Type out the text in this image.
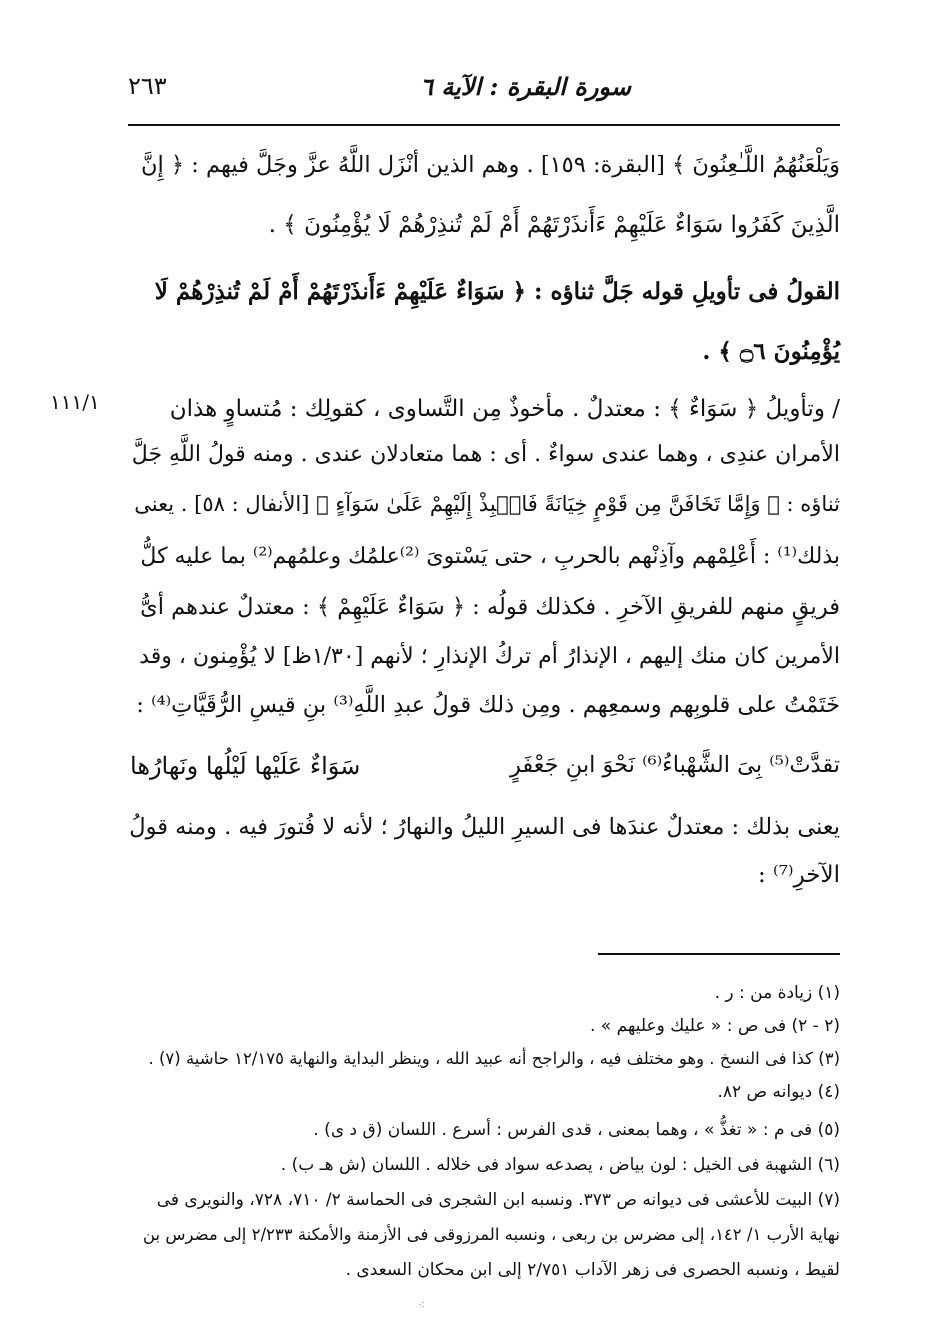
٢٦٣	سورة البقرة : الآية ٦
وَيَلْعَنُهُمُ اللَّـٰعِنُونَ ﴾ [البقرة: ١٥٩] . وهم الذين أنْزَل اللَّهُ عزَّ وجَلَّ فيهم : ﴿ إِنَّ
الَّذِينَ كَفَرُوا سَوَاءٌ عَلَيْهِمْ ءَأَنذَرْتَهُمْ أَمْ لَمْ تُنذِرْهُمْ لَا يُؤْمِنُونَ ﴾ .
القولُ فى تأويلِ قوله جَلَّ ثناؤه : ﴿ سَوَاءٌ عَلَيْهِمْ ءَأَنذَرْتَهُمْ أَمْ لَمْ تُنذِرْهُمْ لَا
يُؤْمِنُونَ ۝٦ ﴾ .
١١١/١	/ وتأويلُ ﴿ سَوَاءٌ ﴾ : معتدلٌ . مأخوذٌ مِن التَّساوى ، كقولِك : مُتساوٍ هذان
الأمران عندِى ، وهما عندى سواءٌ . أى : هما متعادلان عندى . ومنه قولُ اللَّهِ جَلَّ
ثناؤه : ﴿ وَإِمَّا تَخَافَنَّ مِن قَوْمٍ خِيَانَةً فَانۢبِذْ إِلَيْهِمْ عَلَىٰ سَوَآءٍ ﴾ [الأنفال : ٥٨] . يعنى
بذلك⁽¹⁾ : أَعْلِمْهم وآذِنْهم بالحربِ ، حتى يَسْتوىَ ⁽²⁾علمُك وعلمُهم⁽²⁾ بما عليه كلُّ
فريقٍ منهم للفريقِ الآخرِ . فكذلك قولُه : ﴿ سَوَاءٌ عَلَيْهِمْ ﴾ : معتدلٌ عندهم أىُّ
الأمرين كان منك إليهم ، الإنذارُ أم تركُ الإنذارِ ؛ لأنهم [١/٣٠ظ] لا يُؤْمِنون ، وقد
خَتَمْتُ على قلوبِهم وسمعِهم . ومِن ذلك قولُ عبدِ اللَّهِ⁽³⁾ بنِ قيسِ الرُّقَيَّاتِ⁽⁴⁾ :
تقدَّتْ⁽⁵⁾ بِىَ الشَّهْباءُ⁽⁶⁾ نَحْوَ ابنِ جَعْفَرٍ
سَوَاءٌ عَلَيْها لَيْلُها ونَهارُها
يعنى بذلك : معتدلٌ عندَها فى السيرِ الليلُ والنهارُ ؛ لأنه لا فُتورَ فيه . ومنه قولُ
الآخرِ⁽⁷⁾ :
(١) زيادة من : ر .
(٢ - ٢) فى ص : « عليك وعليهم » .
(٣) كذا فى النسخ . وهو مختلف فيه ، والراجح أنه عبيد الله ، وينظر البداية والنهاية ١٢/١٧٥ حاشية (٧) .
(٤) ديوانه ص ٨٢.
(٥) فى م : « تغذُّ » ، وهما بمعنى ، قدى الفرس : أسرع . اللسان (ق د ى) .
(٦) الشهبة فى الخيل : لون بياض ، يصدعه سواد فى خلاله . اللسان (ش هـ ب) .
(٧) البيت للأعشى فى ديوانه ص ٣٧٣. ونسبه ابن الشجرى فى الحماسة ٢/ ٧١٠، ٧٢٨، والنويرى فى
نهاية الأرب ١/ ١٤٢، إلى مضرس بن ربعى ، ونسبه المرزوقى فى الأزمنة والأمكنة ٢/٢٣٣ إلى مضرس بن
لقيط ، ونسبه الحصرى فى زهر الآداب ٢/٧٥١ إلى ابن محكان السعدى .
⁖
